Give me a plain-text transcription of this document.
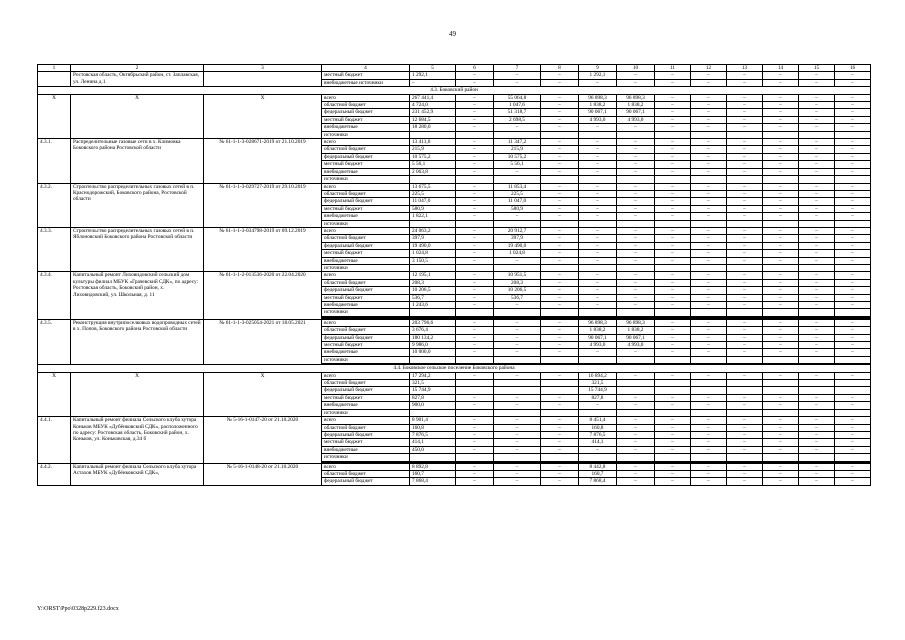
49
1	2	3	4	5	6	7	8	9	10	11	12	13	14	15	16
	Ростовская область, Октябрьский район, ст. Заплавская, ул. Ленина д.1		местный бюджет	1 292,1	–	–	–	1 292,1	–	–	–	–	–	–	–
			внебюджетные источники	–	–	–	–	–	–	–	–	–	–	–	–
4.3. Боковский район															
Х	Х	Х	всего	267 441,4	–	55 064,8	–	96 898,3	96 898,3	–	–	–	–	–	–
			областной бюджет	4 724,0	–	1 047,6	–	1 838,2	1 838,2	–	–	–	–	–	–
			федеральный бюджет	231 452,9	–	51 318,7	–	90 067,1	90 067,1	–	–	–	–	–	–
			местный бюджет	12 684,5	–	2 698,5	–	4 993,0	4 993,0	–	–	–	–	–	–
			внебюджетные	18 280,0	–	–	–	–	–	–	–	–	–	–	–
			источники												
4.3.1.	Распределительные газовые сети в х. Климовка Боковского района Ростовской области	№ 61-1-1-3-028671-2019 от 21.10.2019	всего	13 411,0	–	11 347,2	–	–	–	–	–	–	–	–	–
			областной бюджет	215,9	–	215,9	–	–	–	–	–	–	–	–	–
			федеральный бюджет	10 575,2	–	10 575,2	–	–	–	–	–	–	–	–	–
			местный бюджет	5 56,1	–	5 56,1	–	–	–	–	–	–	–	–	–
			внебюджетные	2 063,8	–	–	–	–	–	–	–	–	–	–	–
			источники												
4.3.2.	Строительство распределительных газовых сетей в п. Краснодорожский, Боковского района, Ростовской области	№ 61-1-1-3-029727-2019 от 29.10.2019	всего	13 675,5	–	11 853,4	–	–	–	–	–	–	–	–	–
			областной бюджет	225,5	–	225,5	–	–	–	–	–	–	–	–	–
			федеральный бюджет	11 047,0	–	11 047,0	–	–	–	–	–	–	–	–	–
			местный бюджет	580,9	–	580,9	–	–	–	–	–	–	–	–	–
			внебюджетные	1 822,1	–	–	–	–	–	–	–	–	–	–	–
			источники												
4.3.3.	Строительство распределительных газовых сетей в п. Яблоновский Боковского района Ростовской области	№ 61-1-1-3-034798-2019 от 09.12.2019	всего	24 063,2	–	20 912,7	–	–	–	–	–	–	–	–	–
			областной бюджет	397,9	–	397,9	–	–	–	–	–	–	–	–	–
			федеральный бюджет	19 490,0	–	19 490,0	–	–	–	–	–	–	–	–	–
			местный бюджет	1 024,8	–	1 024,8	–	–	–	–	–	–	–	–	–
			внебюджетные	3 150,5	–	–	–	–	–	–	–	–	–	–	–
			источники												
4.3.4.	Капитальный ремонт Лиховидовский сельский дом культуры филиал МБУК «Грачевский СДК», по адресу: Ростовская область, Боковский район, х. Лиховидовский, ул. Школьная, д. 11	№ 61-1-1-2-013536-2020 от 22.04.2020	всего	12 195,1	–	10 951,5	–	–	–	–	–	–	–	–	–
			областной бюджет	208,3	–	208,3	–	–	–	–	–	–	–	–	–
			федеральный бюджет	10 206,5	–	10 206,5	–	–	–	–	–	–	–	–	–
			местный бюджет	536,7	–	536,7	–	–	–	–	–	–	–	–	–
			внебюджетные	1 243,6	–	–	–	–	–	–	–	–	–	–	–
			источники												

4.3.5.	Реконструкция внутрипоселковых водопроводных сетей в х. Попов, Боковского района Ростовской области	№ 61-1-1-3-025054-2021 от 18.05.2021	всего	203 796,6	–	–	–	96 898,3	96 898,3	–	–	–	–	–	–
			областной бюджет	3 676,4	–	–	–	1 838,2	1 838,2	–	–	–	–	–	–
			федеральный бюджет	180 134,2	–	–	–	90 067,1	90 067,1	–	–	–	–	–	–
			местный бюджет	9 986,0	–	–	–	4 993,0	4 993,0	–	–	–	–	–	–
			внебюджетные	10 000,0	–	–	–	–	–	–	–	–	–	–	–
			источники												

4.4. Боковское сельское поселение Боковского района															
Х	Х	Х	всего	17 294,2	–	–	–	16 894,2	–	–	–	–	–	–	–
			областной бюджет	321,5				321,5							
			федеральный бюджет	15 744,9				15 744,9							
			местный бюджет	827,8	–	–	–	827,8	–	–	–	–	–	–	–
			внебюджетные	900,0	–	–	–	–	–	–	–	–	–	–	–
			источники												
4.4.1.	Капитальный ремонт филиала Сельского клуба хутора Коньков МБУК «Дубёнковский СДК», расположенного по адресу: Ростовская область, Боковский район, х. Коньков, ул. Коньковская, д.34 б	№ 5-16-1-0147-20 от 21.10.2020	всего	8 901,4	–	–	–	8 451,4	–	–	–	–	–	–	–
			областной бюджет	160,8	–	–	–	160,8	–	–	–	–	–	–	–
			федеральный бюджет	7 876,5	–	–	–	7 876,5	–	–	–	–	–	–	–
			местный бюджет	414,1	–	–	–	414,1	–	–	–	–	–	–	–
			внебюджетные	450,0	–	–	–	–	–	–	–	–	–	–	–
			источники												

4.4.2.	Капитальный ремонт филиала Сельского клуба хутора Астахов МБУК «Дубёнковский СДК»,	№ 5-16-1-0148-20 от 21.10.2020	всего	8 892,8	–	–	–	8 442,8	–	–	–	–	–	–	–
			областной бюджет	160,7	–	–	–	160,7	–	–	–	–	–	–	–
			федеральный бюджет	7 868,4	–	–	–	7 868,4	–	–	–	–	–	–	–
Y:\ORST\Ppo\0328p229.f23.docx
